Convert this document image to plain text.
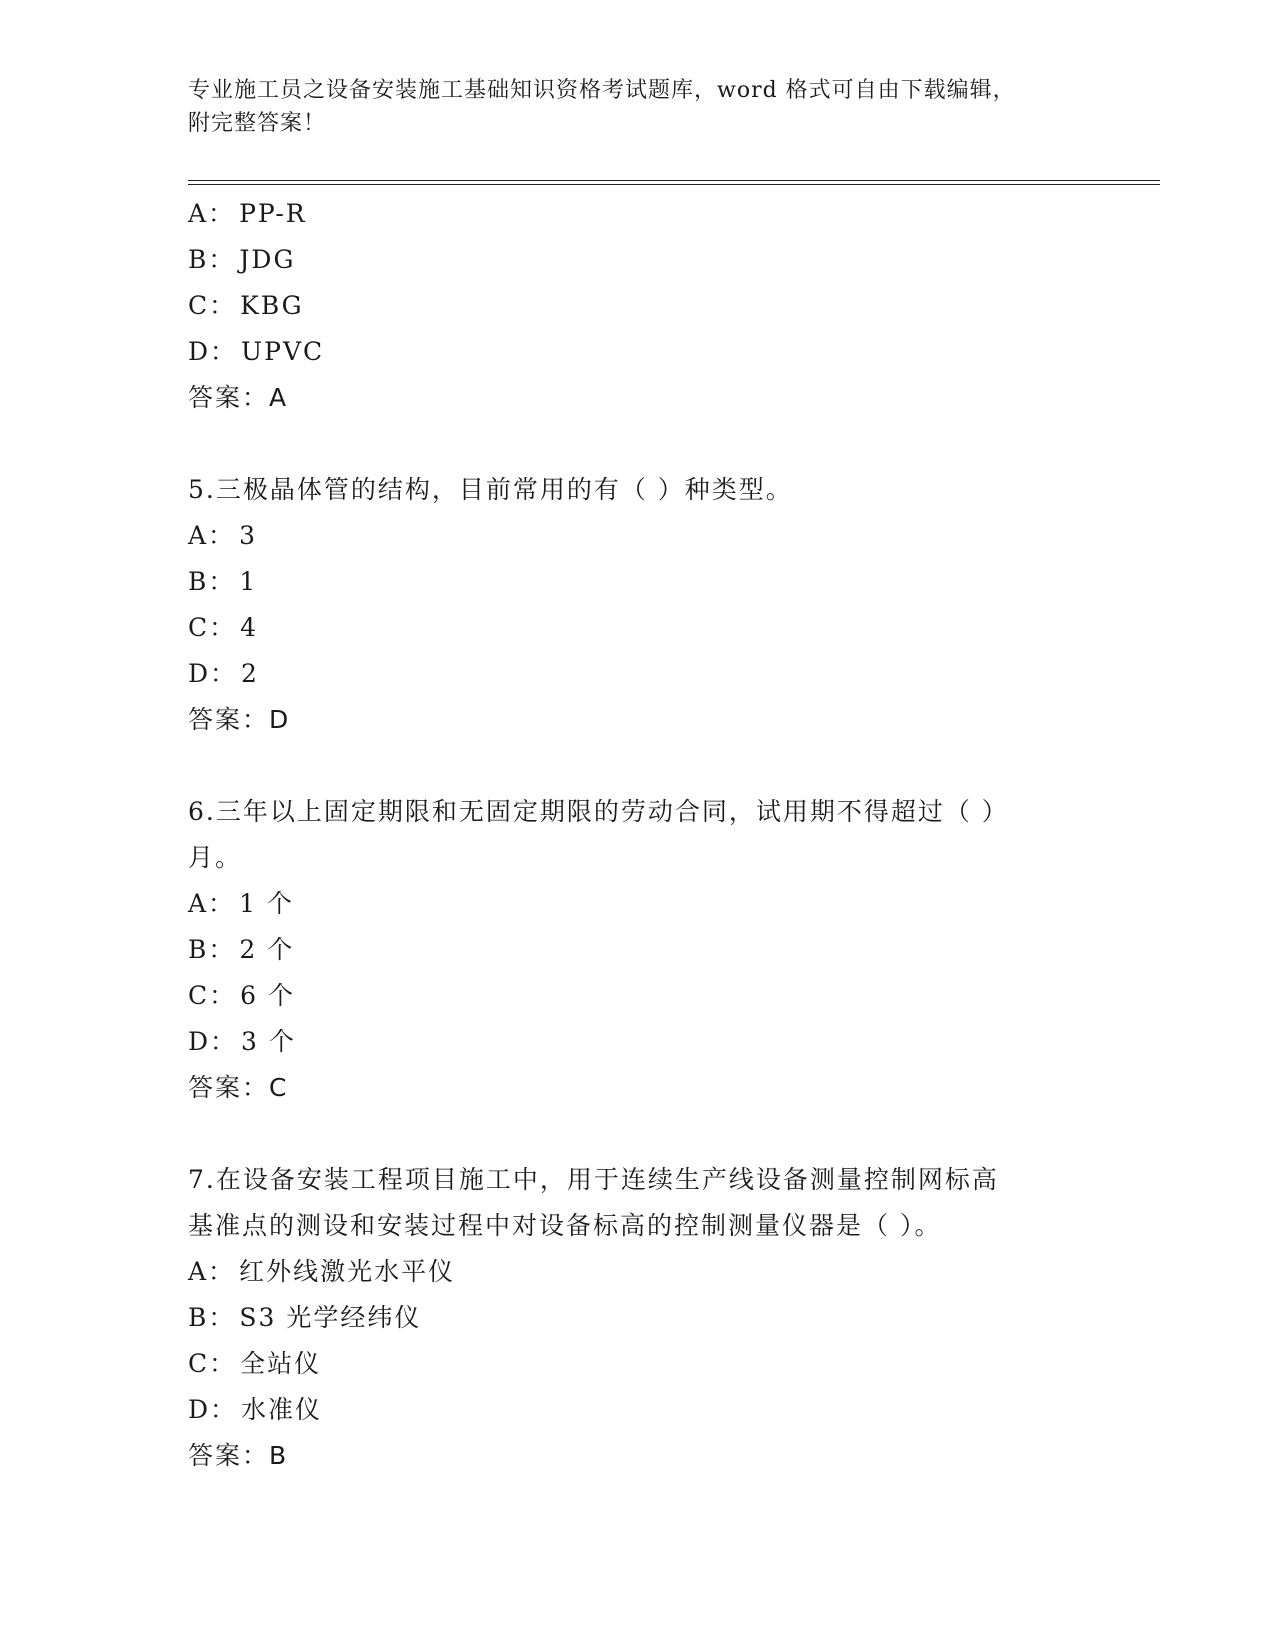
专业施工员之设备安装施工基础知识资格考试题库，word 格式可自由下载编辑，
附完整答案！
A： PP-R
B： JDG
C： KBG
D： UPVC
答案：A
5.三极晶体管的结构，目前常用的有（ ）种类型。
A： 3
B： 1
C： 4
D： 2
答案：D
6.三年以上固定期限和无固定期限的劳动合同，试用期不得超过（ ）
月。
A： 1 个
B： 2 个
C： 6 个
D： 3 个
答案：C
7.在设备安装工程项目施工中，用于连续生产线设备测量控制网标高
基准点的测设和安装过程中对设备标高的控制测量仪器是（ ）。
A： 红外线激光水平仪
B： S3 光学经纬仪
C： 全站仪
D： 水准仪
答案：B
